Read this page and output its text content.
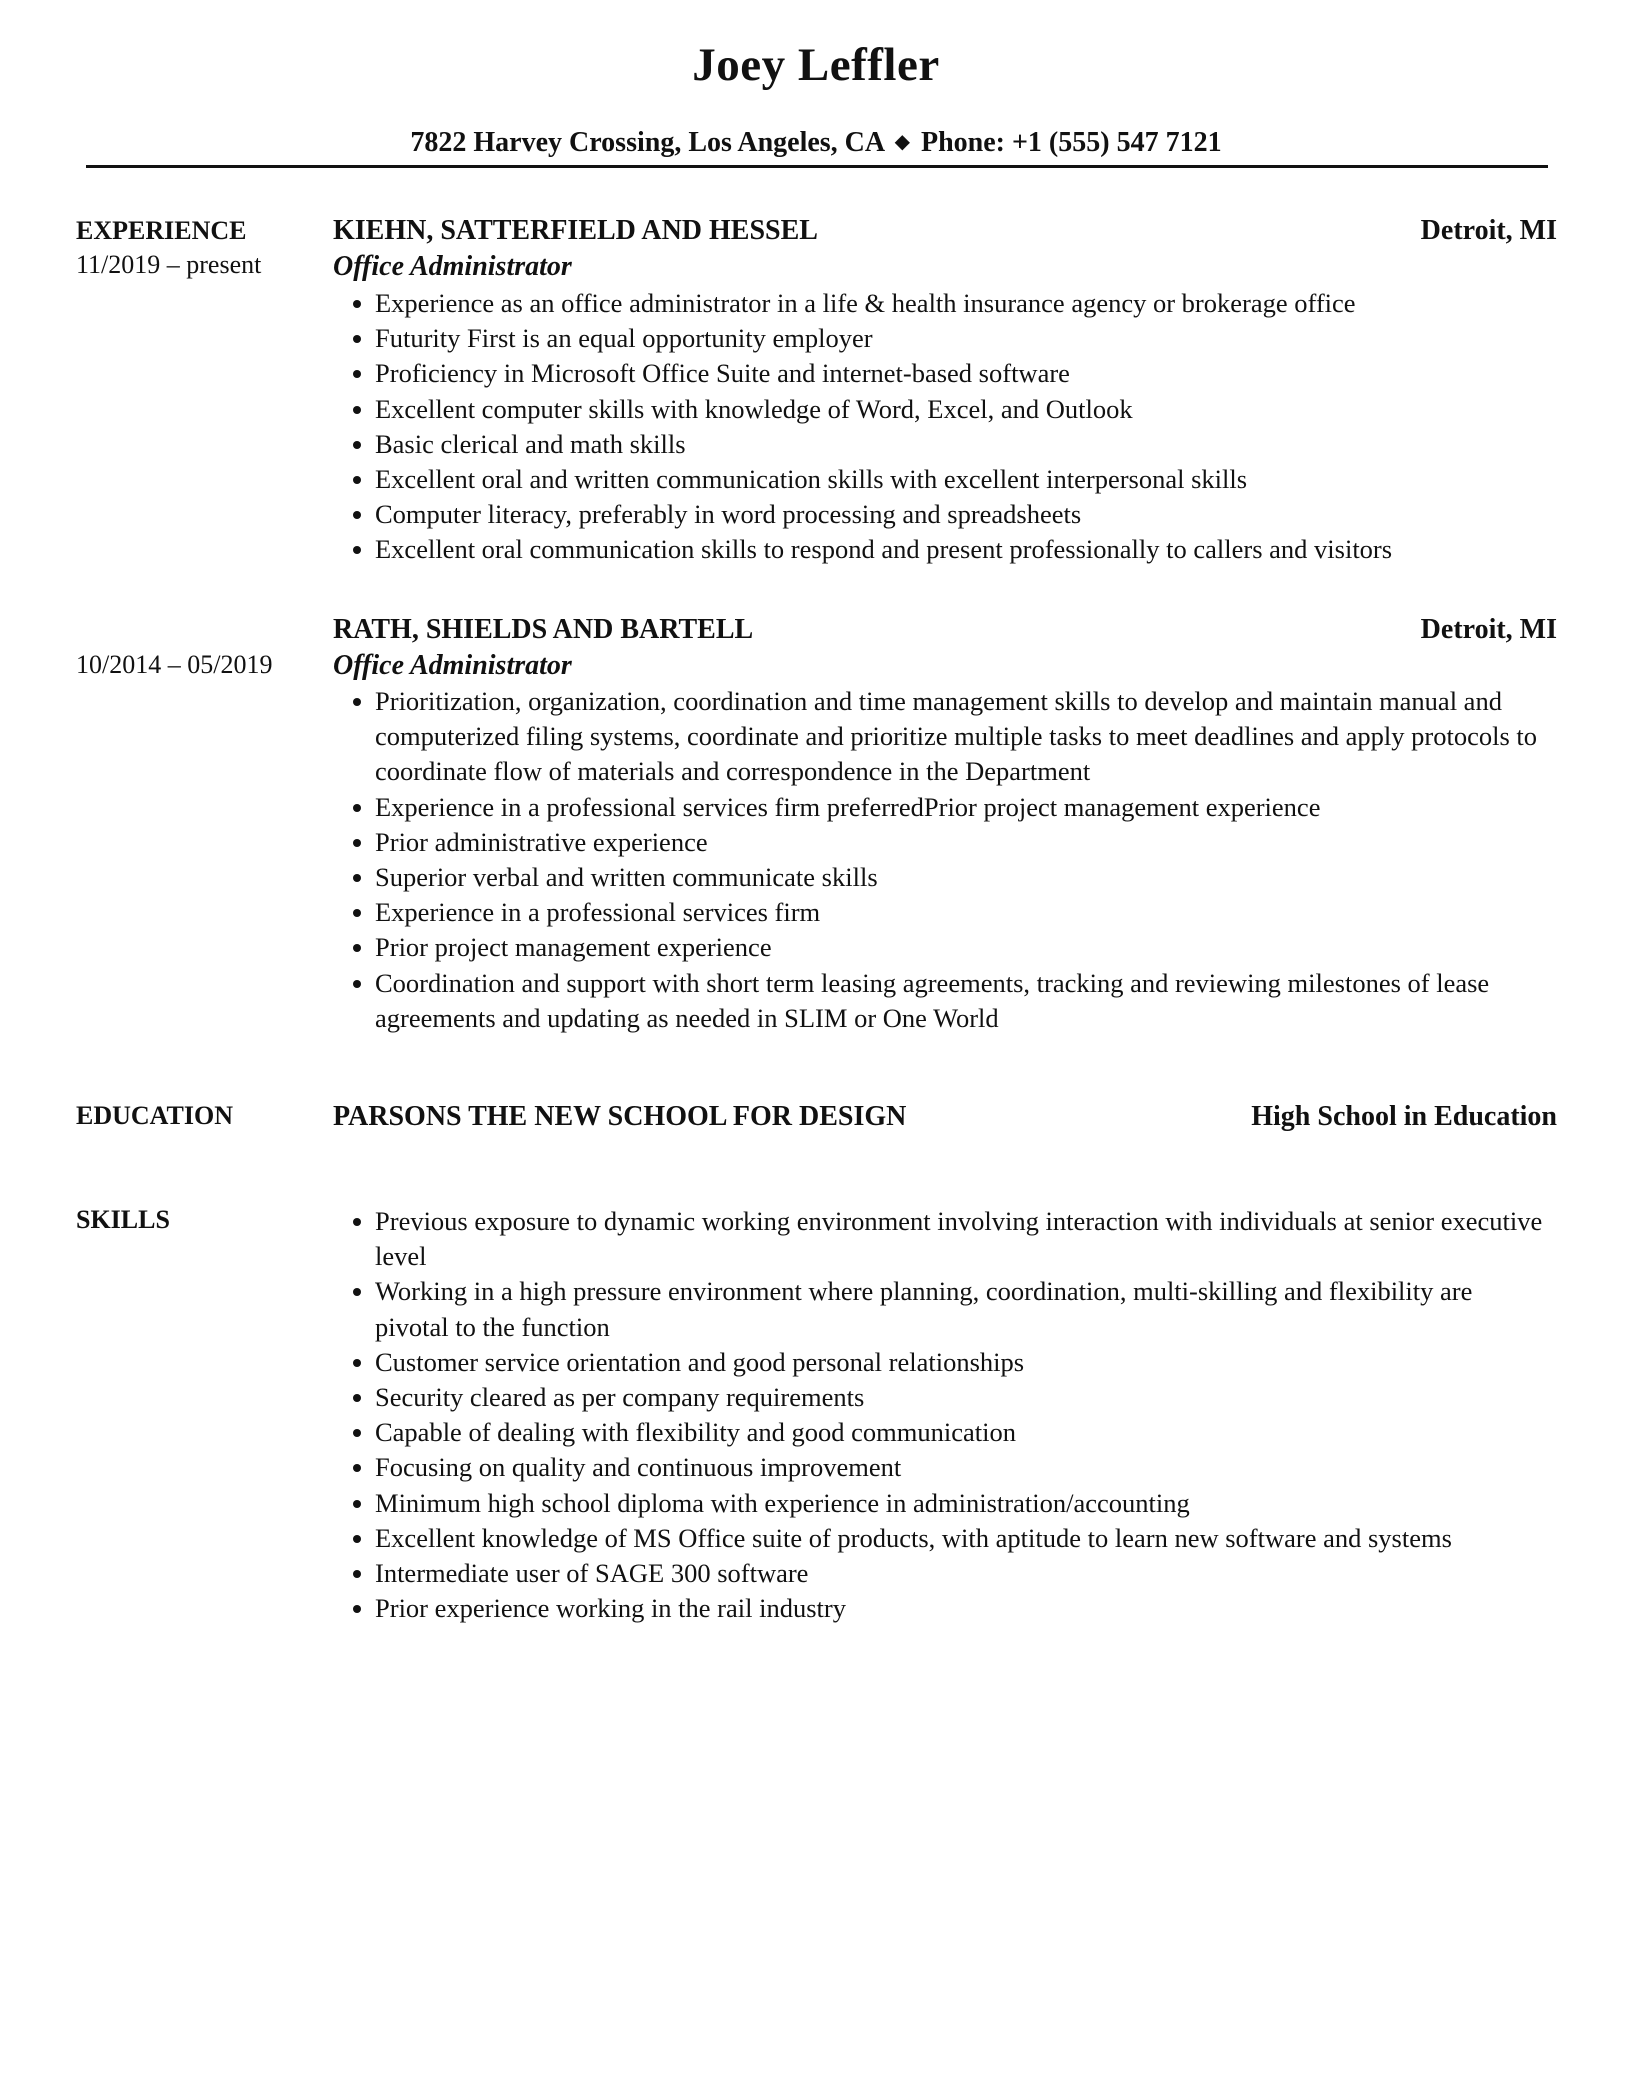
Joey Leffler
7822 Harvey Crossing, Los Angeles, CA ◆ Phone: +1 (555) 547 7121
EXPERIENCE
11/2019 – present
KIEHN, SATTERFIELD AND HESSEL	Detroit, MI
Office Administrator
Experience as an office administrator in a life & health insurance agency or brokerage office
Futurity First is an equal opportunity employer
Proficiency in Microsoft Office Suite and internet-based software
Excellent computer skills with knowledge of Word, Excel, and Outlook
Basic clerical and math skills
Excellent oral and written communication skills with excellent interpersonal skills
Computer literacy, preferably in word processing and spreadsheets
Excellent oral communication skills to respond and present professionally to callers and visitors
10/2014 – 05/2019
RATH, SHIELDS AND BARTELL	Detroit, MI
Office Administrator
Prioritization, organization, coordination and time management skills to develop and maintain manual and computerized filing systems, coordinate and prioritize multiple tasks to meet deadlines and apply protocols to coordinate flow of materials and correspondence in the Department
Experience in a professional services firm preferredPrior project management experience
Prior administrative experience
Superior verbal and written communicate skills
Experience in a professional services firm
Prior project management experience
Coordination and support with short term leasing agreements, tracking and reviewing milestones of lease agreements and updating as needed in SLIM or One World
EDUCATION	PARSONS THE NEW SCHOOL FOR DESIGN	High School in Education
SKILLS	Previous exposure to dynamic working environment involving interaction with individuals at senior executive level
Working in a high pressure environment where planning, coordination, multi-skilling and flexibility are pivotal to the function
Customer service orientation and good personal relationships
Security cleared as per company requirements
Capable of dealing with flexibility and good communication
Focusing on quality and continuous improvement
Minimum high school diploma with experience in administration/accounting
Excellent knowledge of MS Office suite of products, with aptitude to learn new software and systems
Intermediate user of SAGE 300 software
Prior experience working in the rail industry
